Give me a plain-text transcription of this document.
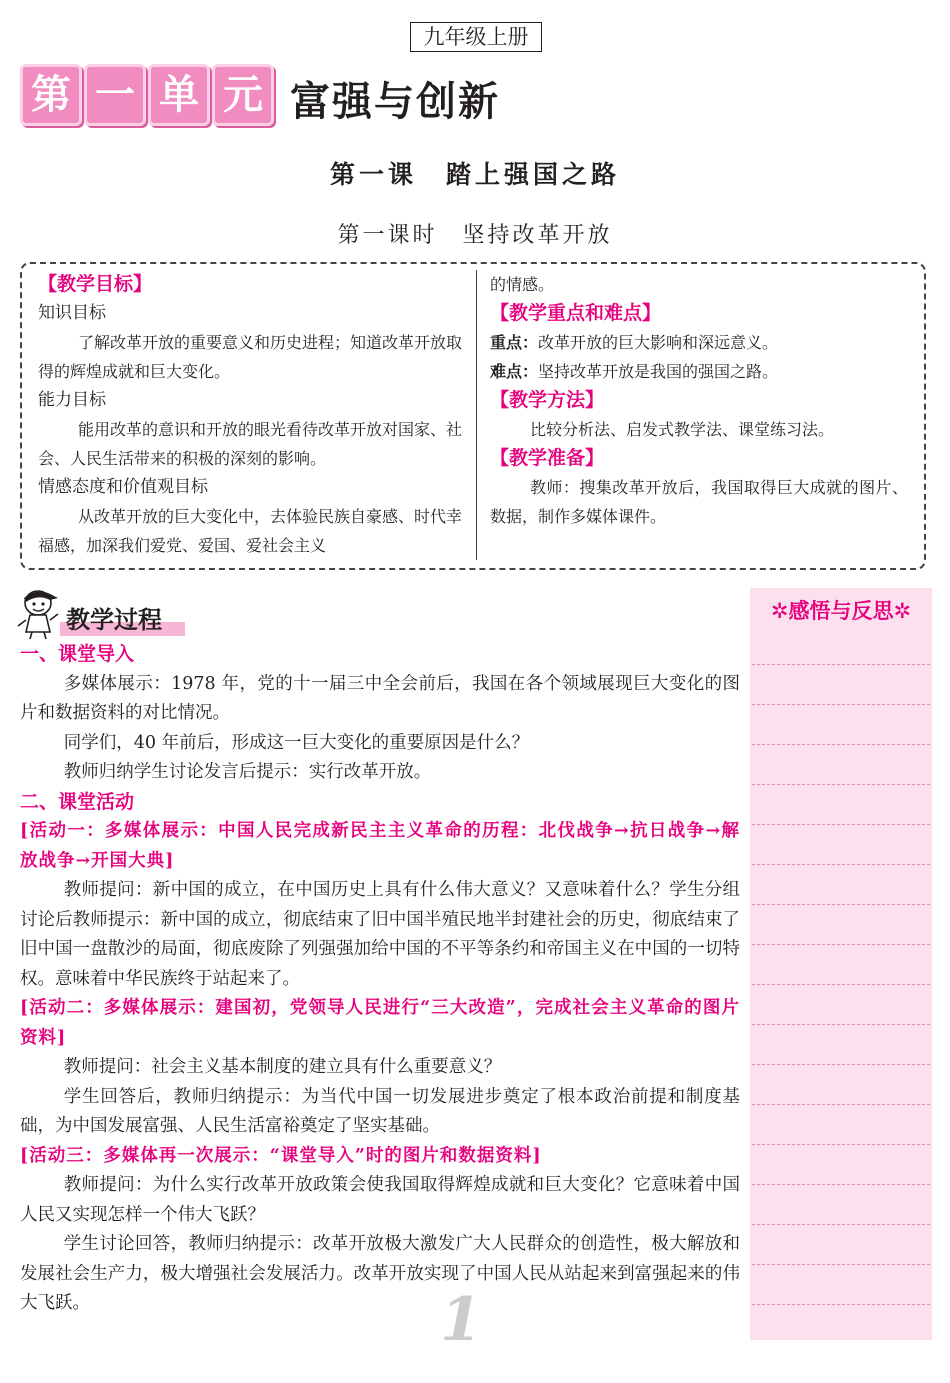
九年级上册
第 一 单 元 富强与创新
第一课　踏上强国之路
第一课时　坚持改革开放

【教学目标】

知识目标

了解改革开放的重要意义和历史进程；知道改革开放取得的辉煌成就和巨大变化。

能力目标

能用改革的意识和开放的眼光看待改革开放对国家、社会、人民生活带来的积极的深刻的影响。

情感态度和价值观目标

从改革开放的巨大变化中，去体验民族自豪感、时代幸福感，加深我们爱党、爱国、爱社会主义

的情感。

【教学重点和难点】

重点：改革开放的巨大影响和深远意义。

难点：坚持改革开放是我国的强国之路。

【教学方法】

比较分析法、启发式教学法、课堂练习法。

【教学准备】

教师：搜集改革开放后，我国取得巨大成就的图片、数据，制作多媒体课件。

教学过程	✲感悟与反思✲

一、课堂导入

多媒体展示：1978 年，党的十一届三中全会前后，我国在各个领域展现巨大变化的图片和数据资料的对比情况。

同学们，40 年前后，形成这一巨大变化的重要原因是什么？

教师归纳学生讨论发言后提示：实行改革开放。

二、课堂活动

[活动一：多媒体展示：中国人民完成新民主主义革命的历程：北伐战争→抗日战争→解放战争→开国大典]

教师提问：新中国的成立，在中国历史上具有什么伟大意义？又意味着什么？学生分组讨论后教师提示：新中国的成立，彻底结束了旧中国半殖民地半封建社会的历史，彻底结束了旧中国一盘散沙的局面，彻底废除了列强强加给中国的不平等条约和帝国主义在中国的一切特权。意味着中华民族终于站起来了。

[活动二：多媒体展示：建国初，党领导人民进行“三大改造”，完成社会主义革命的图片资料]

教师提问：社会主义基本制度的建立具有什么重要意义？

学生回答后，教师归纳提示：为当代中国一切发展进步奠定了根本政治前提和制度基础，为中国发展富强、人民生活富裕奠定了坚实基础。

[活动三：多媒体再一次展示：“课堂导入”时的图片和数据资料]

教师提问：为什么实行改革开放政策会使我国取得辉煌成就和巨大变化？它意味着中国人民又实现怎样一个伟大飞跃？

学生讨论回答，教师归纳提示：改革开放极大激发广大人民群众的创造性，极大解放和发展社会生产力，极大增强社会发展活力。改革开放实现了中国人民从站起来到富强起来的伟大飞跃。	1
